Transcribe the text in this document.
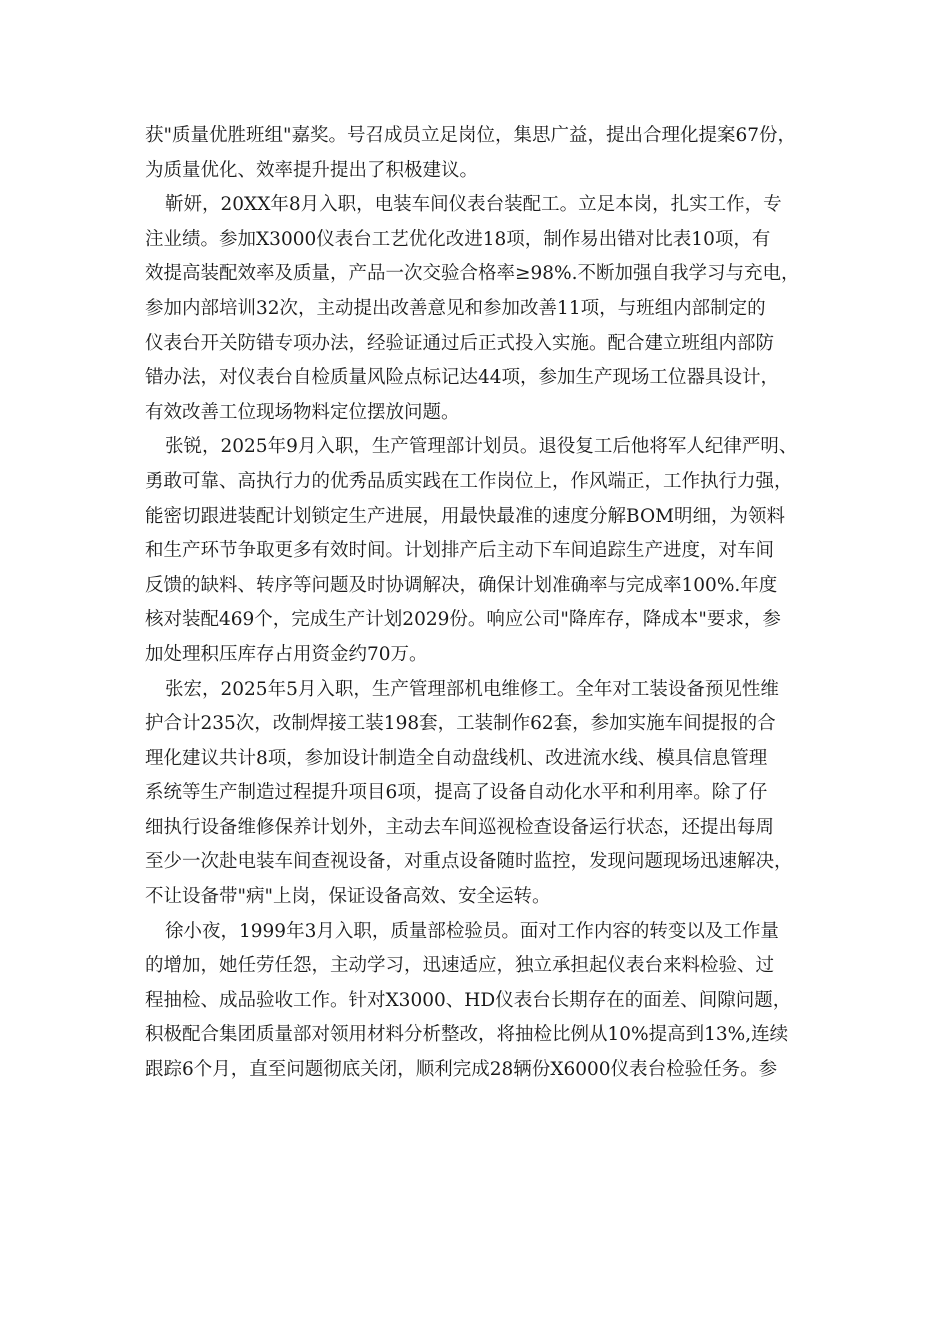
获"质量优胜班组"嘉奖。号召成员立足岗位，集思广益，提出合理化提案67份，
为质量优化、效率提升提出了积极建议。
靳妍，20XX年8月入职，电装车间仪表台装配工。立足本岗，扎实工作，专
注业绩。参加X3000仪表台工艺优化改进18项，制作易出错对比表10项，有
效提高装配效率及质量，产品一次交验合格率≥98%.不断加强自我学习与充电，
参加内部培训32次，主动提出改善意见和参加改善11项，与班组内部制定的
仪表台开关防错专项办法，经验证通过后正式投入实施。配合建立班组内部防
错办法，对仪表台自检质量风险点标记达44项，参加生产现场工位器具设计，
有效改善工位现场物料定位摆放问题。
张锐，2025年9月入职，生产管理部计划员。退役复工后他将军人纪律严明、
勇敢可靠、高执行力的优秀品质实践在工作岗位上，作风端正，工作执行力强，
能密切跟进装配计划锁定生产进展，用最快最准的速度分解BOM明细，为领料
和生产环节争取更多有效时间。计划排产后主动下车间追踪生产进度，对车间
反馈的缺料、转序等问题及时协调解决，确保计划准确率与完成率100%.年度
核对装配469个，完成生产计划2029份。响应公司"降库存，降成本"要求，参
加处理积压库存占用资金约70万。
张宏，2025年5月入职，生产管理部机电维修工。全年对工装设备预见性维
护合计235次，改制焊接工装198套，工装制作62套，参加实施车间提报的合
理化建议共计8项，参加设计制造全自动盘线机、改进流水线、模具信息管理
系统等生产制造过程提升项目6项，提高了设备自动化水平和利用率。除了仔
细执行设备维修保养计划外，主动去车间巡视检查设备运行状态，还提出每周
至少一次赴电装车间查视设备，对重点设备随时监控，发现问题现场迅速解决，
不让设备带"病"上岗，保证设备高效、安全运转。
徐小夜，1999年3月入职，质量部检验员。面对工作内容的转变以及工作量
的增加，她任劳任怨，主动学习，迅速适应，独立承担起仪表台来料检验、过
程抽检、成品验收工作。针对X3000、HD仪表台长期存在的面差、间隙问题，
积极配合集团质量部对领用材料分析整改，将抽检比例从10%提高到13%,连续
跟踪6个月，直至问题彻底关闭，顺利完成28辆份X6000仪表台检验任务。参
